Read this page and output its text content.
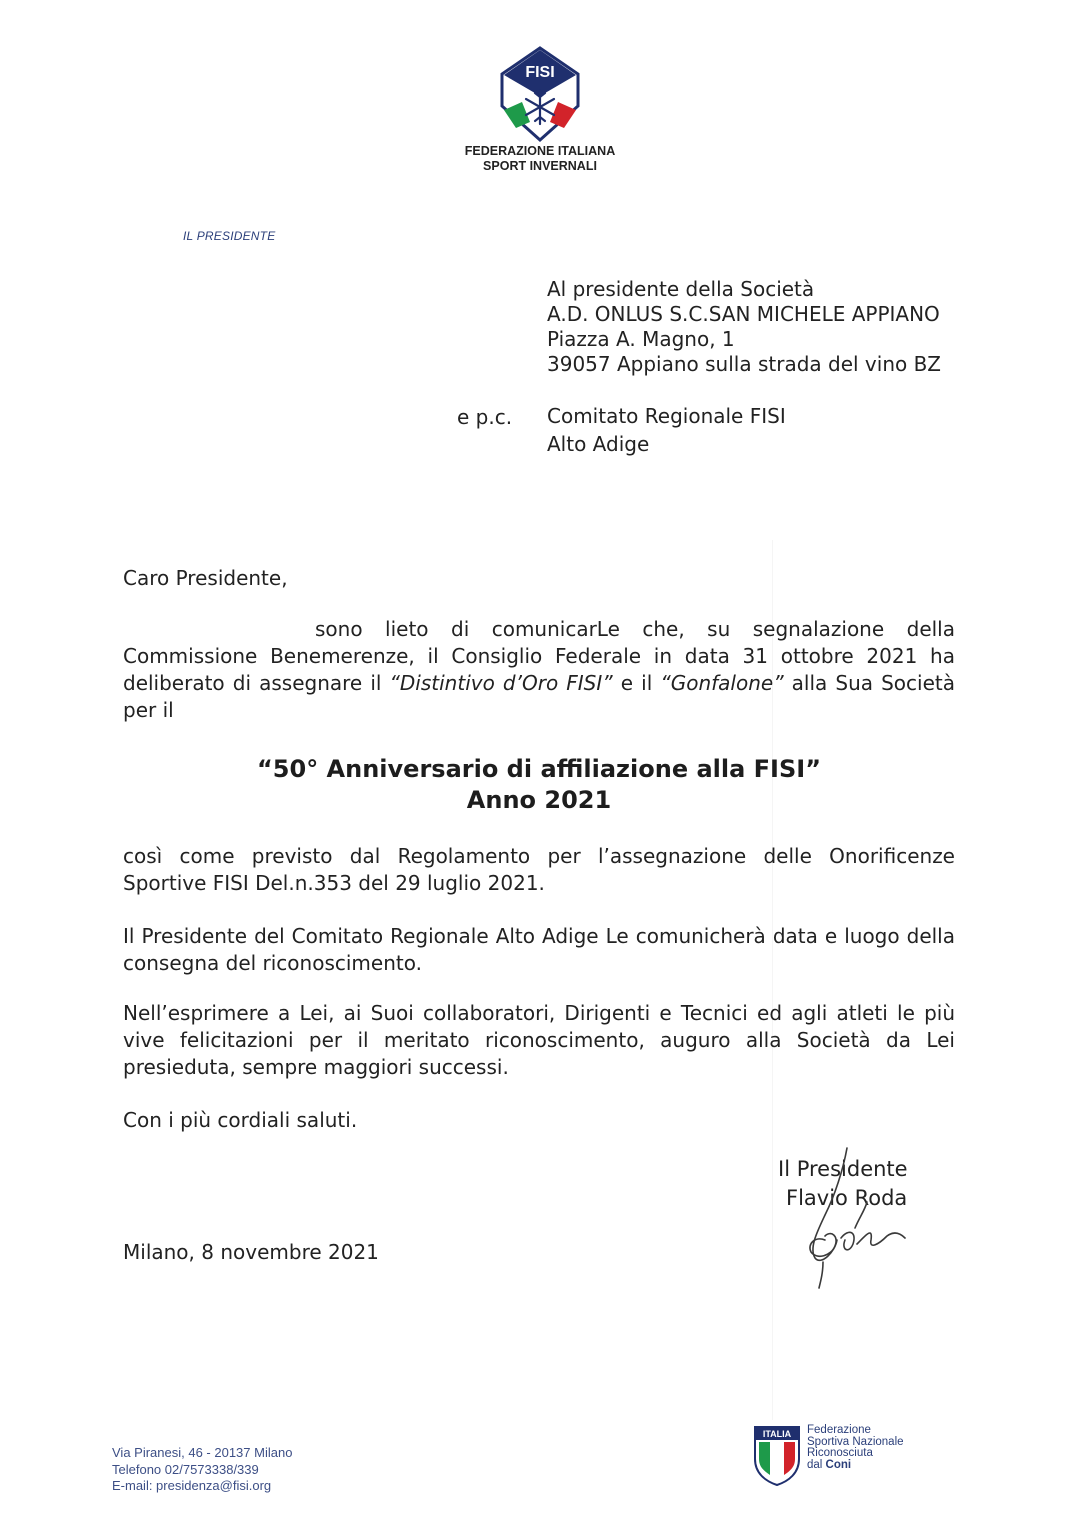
FISI
FEDERAZIONE ITALIANA
SPORT INVERNALI
IL PRESIDENTE
Al presidente della Società
A.D. ONLUS S.C.SAN MICHELE APPIANO
Piazza A. Magno, 1
39057 Appiano sulla strada del vino BZ
e p.c. Comitato Regionale FISI
Alto Adige
Caro Presidente,
sono lieto di comunicarLe che, su segnalazione della Commissione Benemerenze, il Consiglio Federale in data 31 ottobre 2021 ha deliberato di assegnare il “Distintivo d’Oro FISI” e il “Gonfalone” alla Sua Società per il
“50° Anniversario di affiliazione alla FISI”
Anno 2021
così come previsto dal Regolamento per l’assegnazione delle Onorificenze Sportive FISI Del.n.353 del 29 luglio 2021.
Il Presidente del Comitato Regionale Alto Adige Le comunicherà data e luogo della consegna del riconoscimento.
Nell’esprimere a Lei, ai Suoi collaboratori, Dirigenti e Tecnici ed agli atleti le più vive felicitazioni per il meritato riconoscimento, auguro alla Società da Lei presieduta, sempre maggiori successi.
Con i più cordiali saluti.
Il Presidente
Flavio Roda
Milano, 8 novembre 2021
Via Piranesi, 46 - 20137 Milano
Telefono 02/7573338/339
E-mail: presidenza@fisi.org
ITALIA Federazione
Sportiva Nazionale
Riconosciuta
dal Coni
